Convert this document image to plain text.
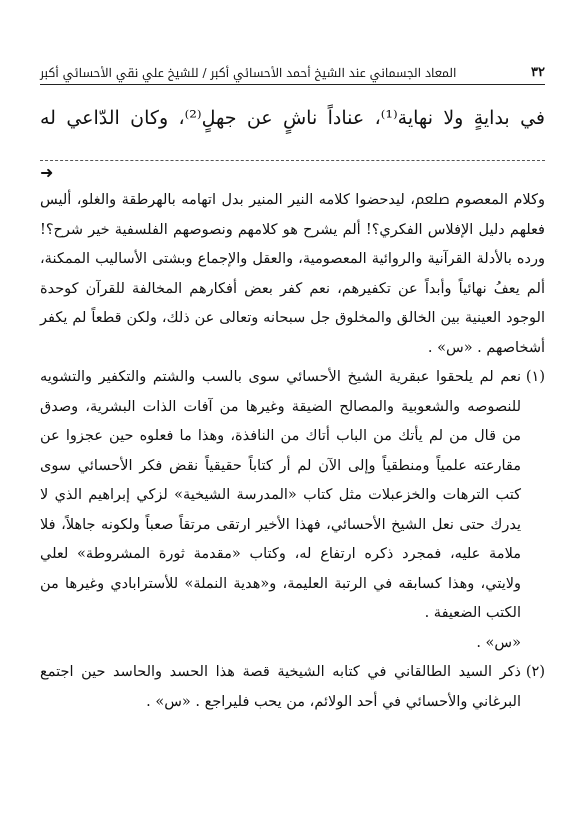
٣٢
المعاد الجسماني عند الشيخ أحمد الأحسائي ﷳ / للشيخ علي نقي الأحسائي ﷳ
في بدايةٍ ولا نهاية⁽¹⁾، عناداً ناشٍ عن جهلٍ⁽²⁾، وكان الدّاعي له
➜

وكلام المعصوم ﷵ، ليدحضوا كلامه النير المنير بدل اتهامه بالهرطقة والغلو، أليس فعلهم دليل الإفلاس الفكري؟! ألم يشرح هو كلامهم ونصوصهم الفلسفية خير شرح؟! ورده بالأدلة القرآنية والروائية المعصومية، والعقل والإجماع وبشتى الأساليب الممكنة، ألم يعفُ نهائياً وأبداً عن تكفيرهم، نعم كفر بعض أفكارهم المخالفة للقرآن كوحدة الوجود العينية بين الخالق والمخلوق جل سبحانه وتعالى عن ذلك، ولكن قطعاً لم يكفر أشخاصهم . «س» .

(١)
نعم لم يلحقوا عبقرية الشيخ الأحسائي سوى بالسب والشتم والتكفير والتشويه للنصوصه والشعوبية والمصالح الضيقة وغيرها من آفات الذات البشرية، وصدق من قال من لم يأتك من الباب أتاك من النافذة، وهذا ما فعلوه حين عجزوا عن مقارعته علمياً ومنطقياً وإلى الآن لم أر كتاباً حقيقياً نقض فكر الأحسائي سوى كتب الترهات والخزعبلات مثل كتاب «المدرسة الشيخية» لزكي إبراهيم الذي لا يدرك حتى نعل الشيخ الأحسائي، فهذا الأخير ارتقى مرتقاً صعباً ولكونه جاهلاً، فلا ملامة عليه، فمجرد ذكره ارتفاع له، وكتاب «مقدمة ثورة المشروطة» لعلي ولايتي، وهذا كسابقه في الرتبة العليمة، و«هدية النملة» للأسترابادي وغيرها من الكتب الضعيفة .
«س» .

(٢)
ذكر السيد الطالقاني في كتابه الشيخية قصة هذا الحسد والحاسد حين اجتمع البرغاني والأحسائي في أحد الولائم، من يحب فليراجع . «س» .
